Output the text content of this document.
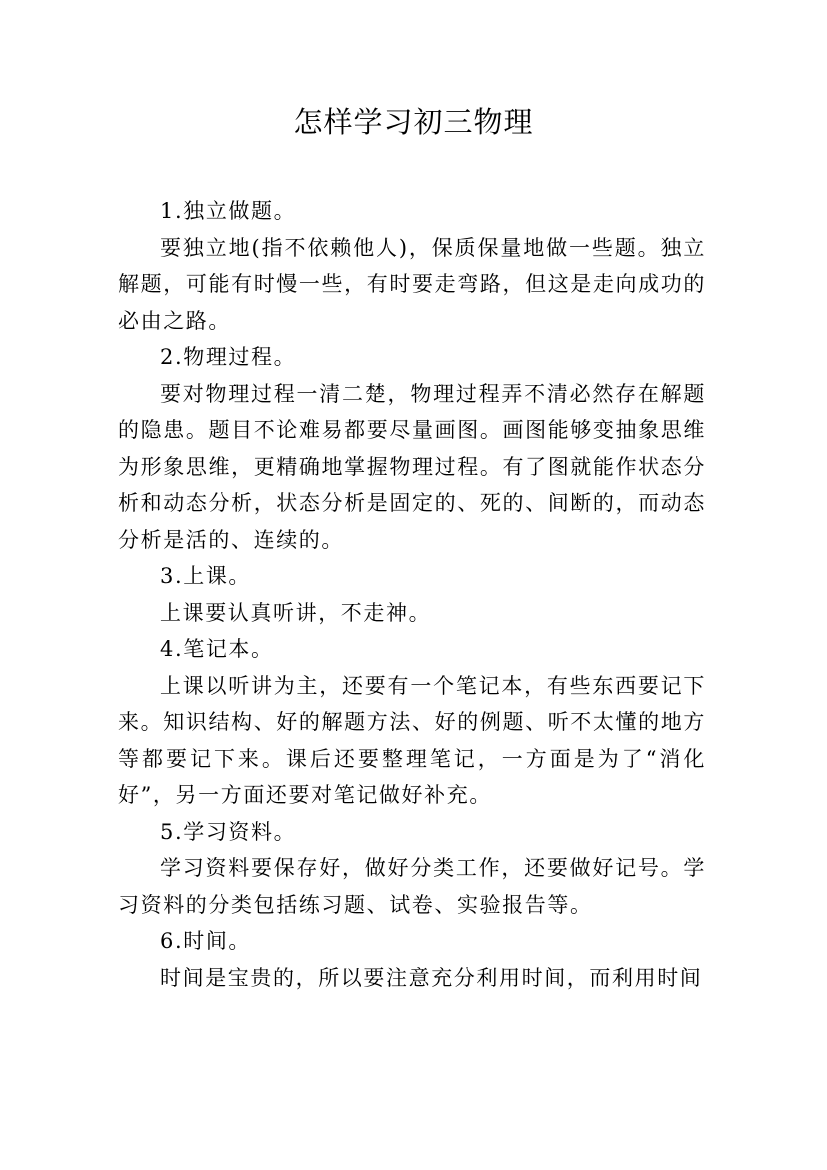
怎样学习初三物理

1.独立做题。

要独立地(指不依赖他人)，保质保量地做一些题。独立解题，可能有时慢一些，有时要走弯路，但这是走向成功的必由之路。

2.物理过程。

要对物理过程一清二楚，物理过程弄不清必然存在解题的隐患。题目不论难易都要尽量画图。画图能够变抽象思维为形象思维，更精确地掌握物理过程。有了图就能作状态分析和动态分析，状态分析是固定的、死的、间断的，而动态分析是活的、连续的。

3.上课。

上课要认真听讲，不走神。

4.笔记本。

上课以听讲为主，还要有一个笔记本，有些东西要记下来。知识结构、好的解题方法、好的例题、听不太懂的地方等都要记下来。课后还要整理笔记，一方面是为了“消化好”，另一方面还要对笔记做好补充。

5.学习资料。

学习资料要保存好，做好分类工作，还要做好记号。学习资料的分类包括练习题、试卷、实验报告等。

6.时间。

时间是宝贵的，所以要注意充分利用时间，而利用时间
